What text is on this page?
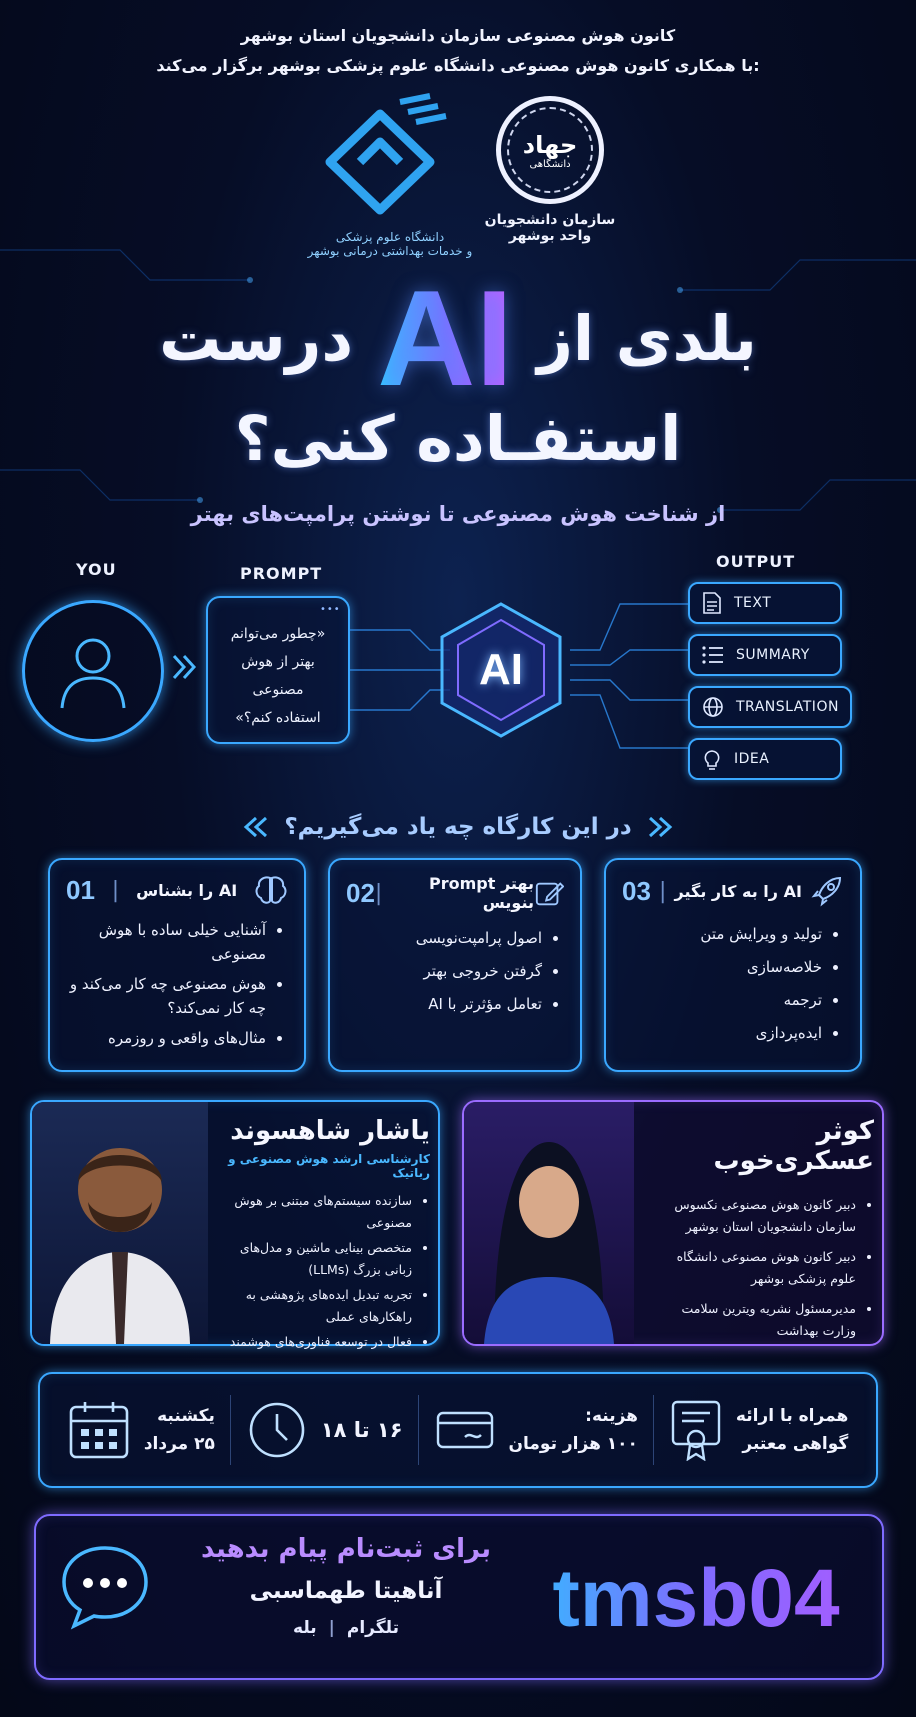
کانون هوش مصنوعی سازمان دانشجویان استان بوشهر
با همکاری کانون هوش مصنوعی دانشگاه علوم پزشکی بوشهر برگزار می‌کند:
دانشگاه علوم پزشکی
و خدمات بهداشتی درمانی بوشهر
جهاد
دانشگاهی
سازمان دانشجویان
واحد بوشهر
بلدی از
AI
درست
استفـاده کنی؟
از شناخت هوش مصنوعی تا نوشتن پرامپت‌های بهتر
YOU	PROMPT
OUTPUT
•••
«چطور می‌توانم
بهتر از هوش مصنوعی
استفاده کنم؟»
AI
TEXT
SUMMARY
TRANSLATION
IDEA
در این کارگاه چه یاد می‌گیریم؟
AI را به کار بگیر
|
03
• تولید و ویرایش متن
• خلاصه‌سازی
• ترجمه
• ایده‌پردازی
بهتر Prompt بنویس
|
02
• اصول پرامپت‌نویسی
• گرفتن خروجی بهتر
• تعامل مؤثرتر با AI
AI را بشناس
|
01
• آشنایی خیلی ساده با هوش مصنوعی
• هوش مصنوعی چه کار می‌کند و چه کار نمی‌کند؟
• مثال‌های واقعی و روزمره
یاشار شاهسوند
کارشناسی ارشد هوش مصنوعی و رباتیک
• سازنده سیستم‌های مبتنی بر هوش مصنوعی
• متخصص بینایی ماشین و مدل‌های زبانی بزرگ (LLMs)
• تجربه تبدیل ایده‌های پژوهشی به راهکارهای عملی
• فعال در توسعه فناوری‌های هوشمند
کوثر عسکری‌خوب
• دبیر کانون هوش مصنوعی نکسوس سازمان دانشجویان استان بوشهر
• دبیر کانون هوش مصنوعی دانشگاه علوم پزشکی بوشهر
• مدیرمسئول نشریه ویترین سلامت وزارت بهداشت
همراه با ارائه
گواهی معتبر
هزینه:
۱۰۰ هزار تومان
۱۶ تا ۱۸
یکشنبه
۲۵ مرداد
برای ثبت‌نام پیام بدهید
آناهیتا طهماسبی
تلگرام
|
بله	tmsb04
